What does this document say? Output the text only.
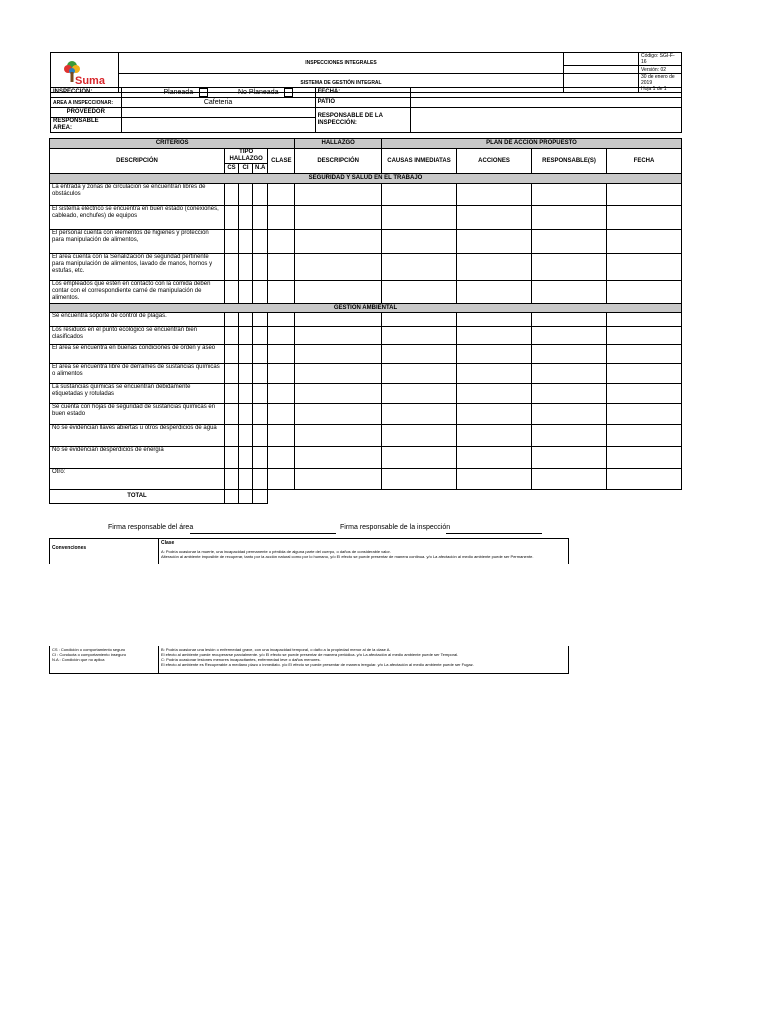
Suma	INSPECCIONES INTEGRALES		Código: SGI-F-16
			Versión: 02
	SISTEMA DE GESTIÓN INTEGRAL		30 de enero de 2019
Hoja 1 de 1
INSPECCIÓN:	Planeada No Planeada	FECHA:	
AREA A INSPECCIONAR:	Cafeteria	PATIO	
PROVEEDOR		RESPONSABLE DE LA INSPECCIÓN:	
RESPONSABLE AREA:			
CRITERIOS					HALLAZGO	PLAN DE ACCIÓN PROPUESTO			
DESCRIPCIÓN	TIPO HALLAZGO			CLASE	DESCRIPCIÓN	CAUSAS INMEDIATAS	ACCIONES	RESPONSABLE(S)	FECHA
	CS	CI	N.A						
SEGURIDAD Y SALUD EN EL TRABAJO									
La entrada y zonas de circulación se encuentran libres de obstáculos									
El sistema eléctrico se encuentra en buen estado (conexiones, cableado, enchufes) de equipos									
El personal cuenta con elementos de higienes y protección para manipulación de alimentos,									
El área cuenta con la Señalización de seguridad pertinente para manipulación de alimentos, lavado de manos, hornos y estufas, etc.									
Los empleados que estén en contacto con la comida deben contar con el correspondiente carné de manipulación de alimentos.									
GESTION AMBIENTAL									
Se encuentra soporte de control de plagas.									
Los residuos en el punto ecológico se encuentran bien clasificados									
El área se encuentra en buenas condiciones de orden y aseo									
El área se encuentra libre de derrames de sustancias químicas o alimentos									
La sustancias químicas se encuentran debidamente etiquetadas y rotuladas									
Se cuenta con hojas de seguridad de sustancias químicas en buen estado									
No se evidencian llaves abiertas u otros desperdicios de agua									
No se evidencian desperdicios de energía									
Otro:									
TOTAL									
Firma responsable del área	Firma responsable de la inspección
Convenciones
Clase
A: Podría ocasionar la muerte, una incapacidad permanente o pérdida de alguna parte del cuerpo, o daños de considerable valor.
Alteración al ambiente imposible de recuperar, tanto por la acción natural como por lo humano, y/o El efecto se puede presentar de manera continua. y/o La afectación al medio ambiente puede ser Permanente.
CS : Condición o comportamiento seguro
CI : Conducta o comportamiento inseguro
N.A : Condición que no aplica
B: Podría ocasionar una lesión o enfermedad grave, con una incapacidad temporal, o daño a la propiedad menor al de la clase A.
El efecto al ambiente puede recuperarse parcialmente. y/o El efecto se puede presentar de manera periódica. y/o La afectación al medio ambiente puede ser Temporal.
C: Podría ocasionar lesiones menores incapacitantes, enfermedad leve o daños menores.
El efecto al ambiente es Recuperable a mediano plazo o inmediato. y/o El efecto se puede presentar de manera irregular. y/o La afectación al medio ambiente puede ser Fugaz.
